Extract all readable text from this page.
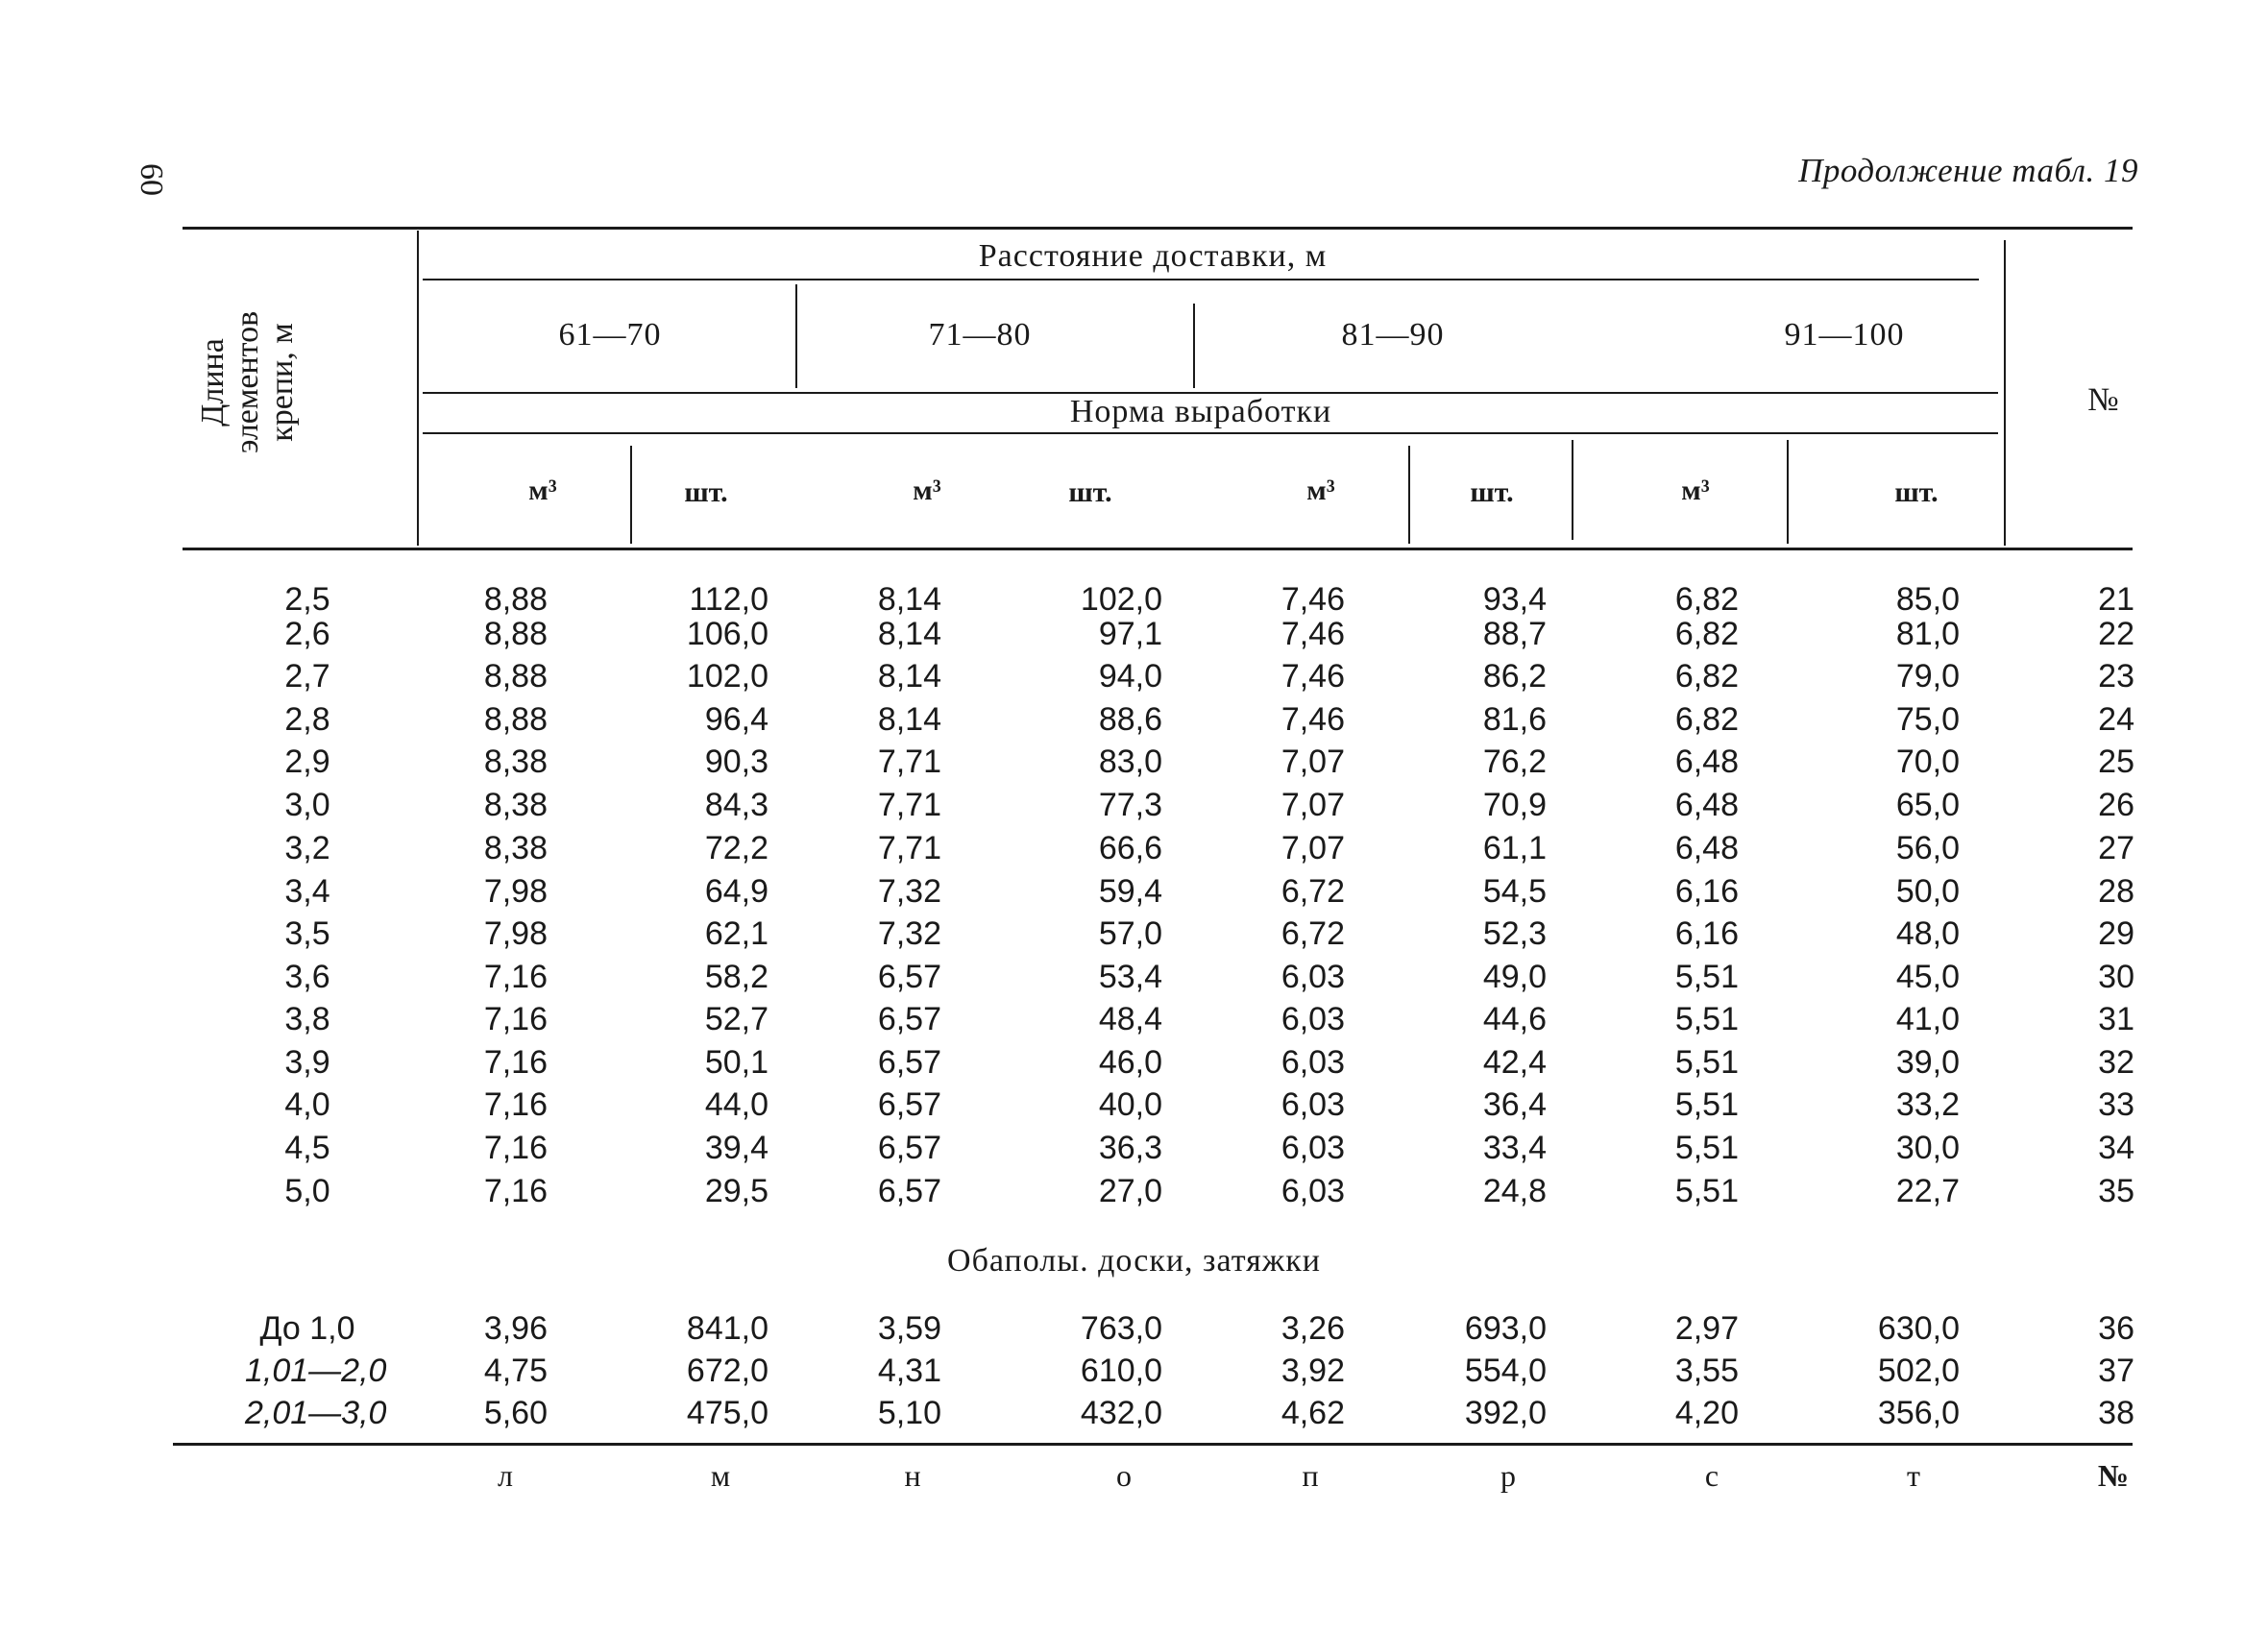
60	Продолжение табл. 19
Длина элементов крепи, м
Расстояние доставки, м
61—70	71—80	81—90	91—100
Норма выработки
м³	шт.	м³	шт.	м³	шт.	м³	шт.
№
2,5	8,88	112,0	8,14	102,0	7,46	93,4	6,82	85,0	21
2,6	8,88	106,0	8,14	97,1	7,46	88,7	6,82	81,0	22
2,7	8,88	102,0	8,14	94,0	7,46	86,2	6,82	79,0	23
2,8	8,88	96,4	8,14	88,6	7,46	81,6	6,82	75,0	24
2,9	8,38	90,3	7,71	83,0	7,07	76,2	6,48	70,0	25
3,0	8,38	84,3	7,71	77,3	7,07	70,9	6,48	65,0	26
3,2	8,38	72,2	7,71	66,6	7,07	61,1	6,48	56,0	27
3,4	7,98	64,9	7,32	59,4	6,72	54,5	6,16	50,0	28
3,5	7,98	62,1	7,32	57,0	6,72	52,3	6,16	48,0	29
3,6	7,16	58,2	6,57	53,4	6,03	49,0	5,51	45,0	30
3,8	7,16	52,7	6,57	48,4	6,03	44,6	5,51	41,0	31
3,9	7,16	50,1	6,57	46,0	6,03	42,4	5,51	39,0	32
4,0	7,16	44,0	6,57	40,0	6,03	36,4	5,51	33,2	33
4,5	7,16	39,4	6,57	36,3	6,03	33,4	5,51	30,0	34
5,0	7,16	29,5	6,57	27,0	6,03	24,8	5,51	22,7	35
До 1,0	3,96	841,0	3,59	763,0	3,26	693,0	2,97	630,0	36
1,01—2,0	4,75	672,0	4,31	610,0	3,92	554,0	3,55	502,0	37
2,01—3,0	5,60	475,0	5,10	432,0	4,62	392,0	4,20	356,0	38
Обаполы. доски, затяжки
л	м	н	о	п	р	с	т	№
